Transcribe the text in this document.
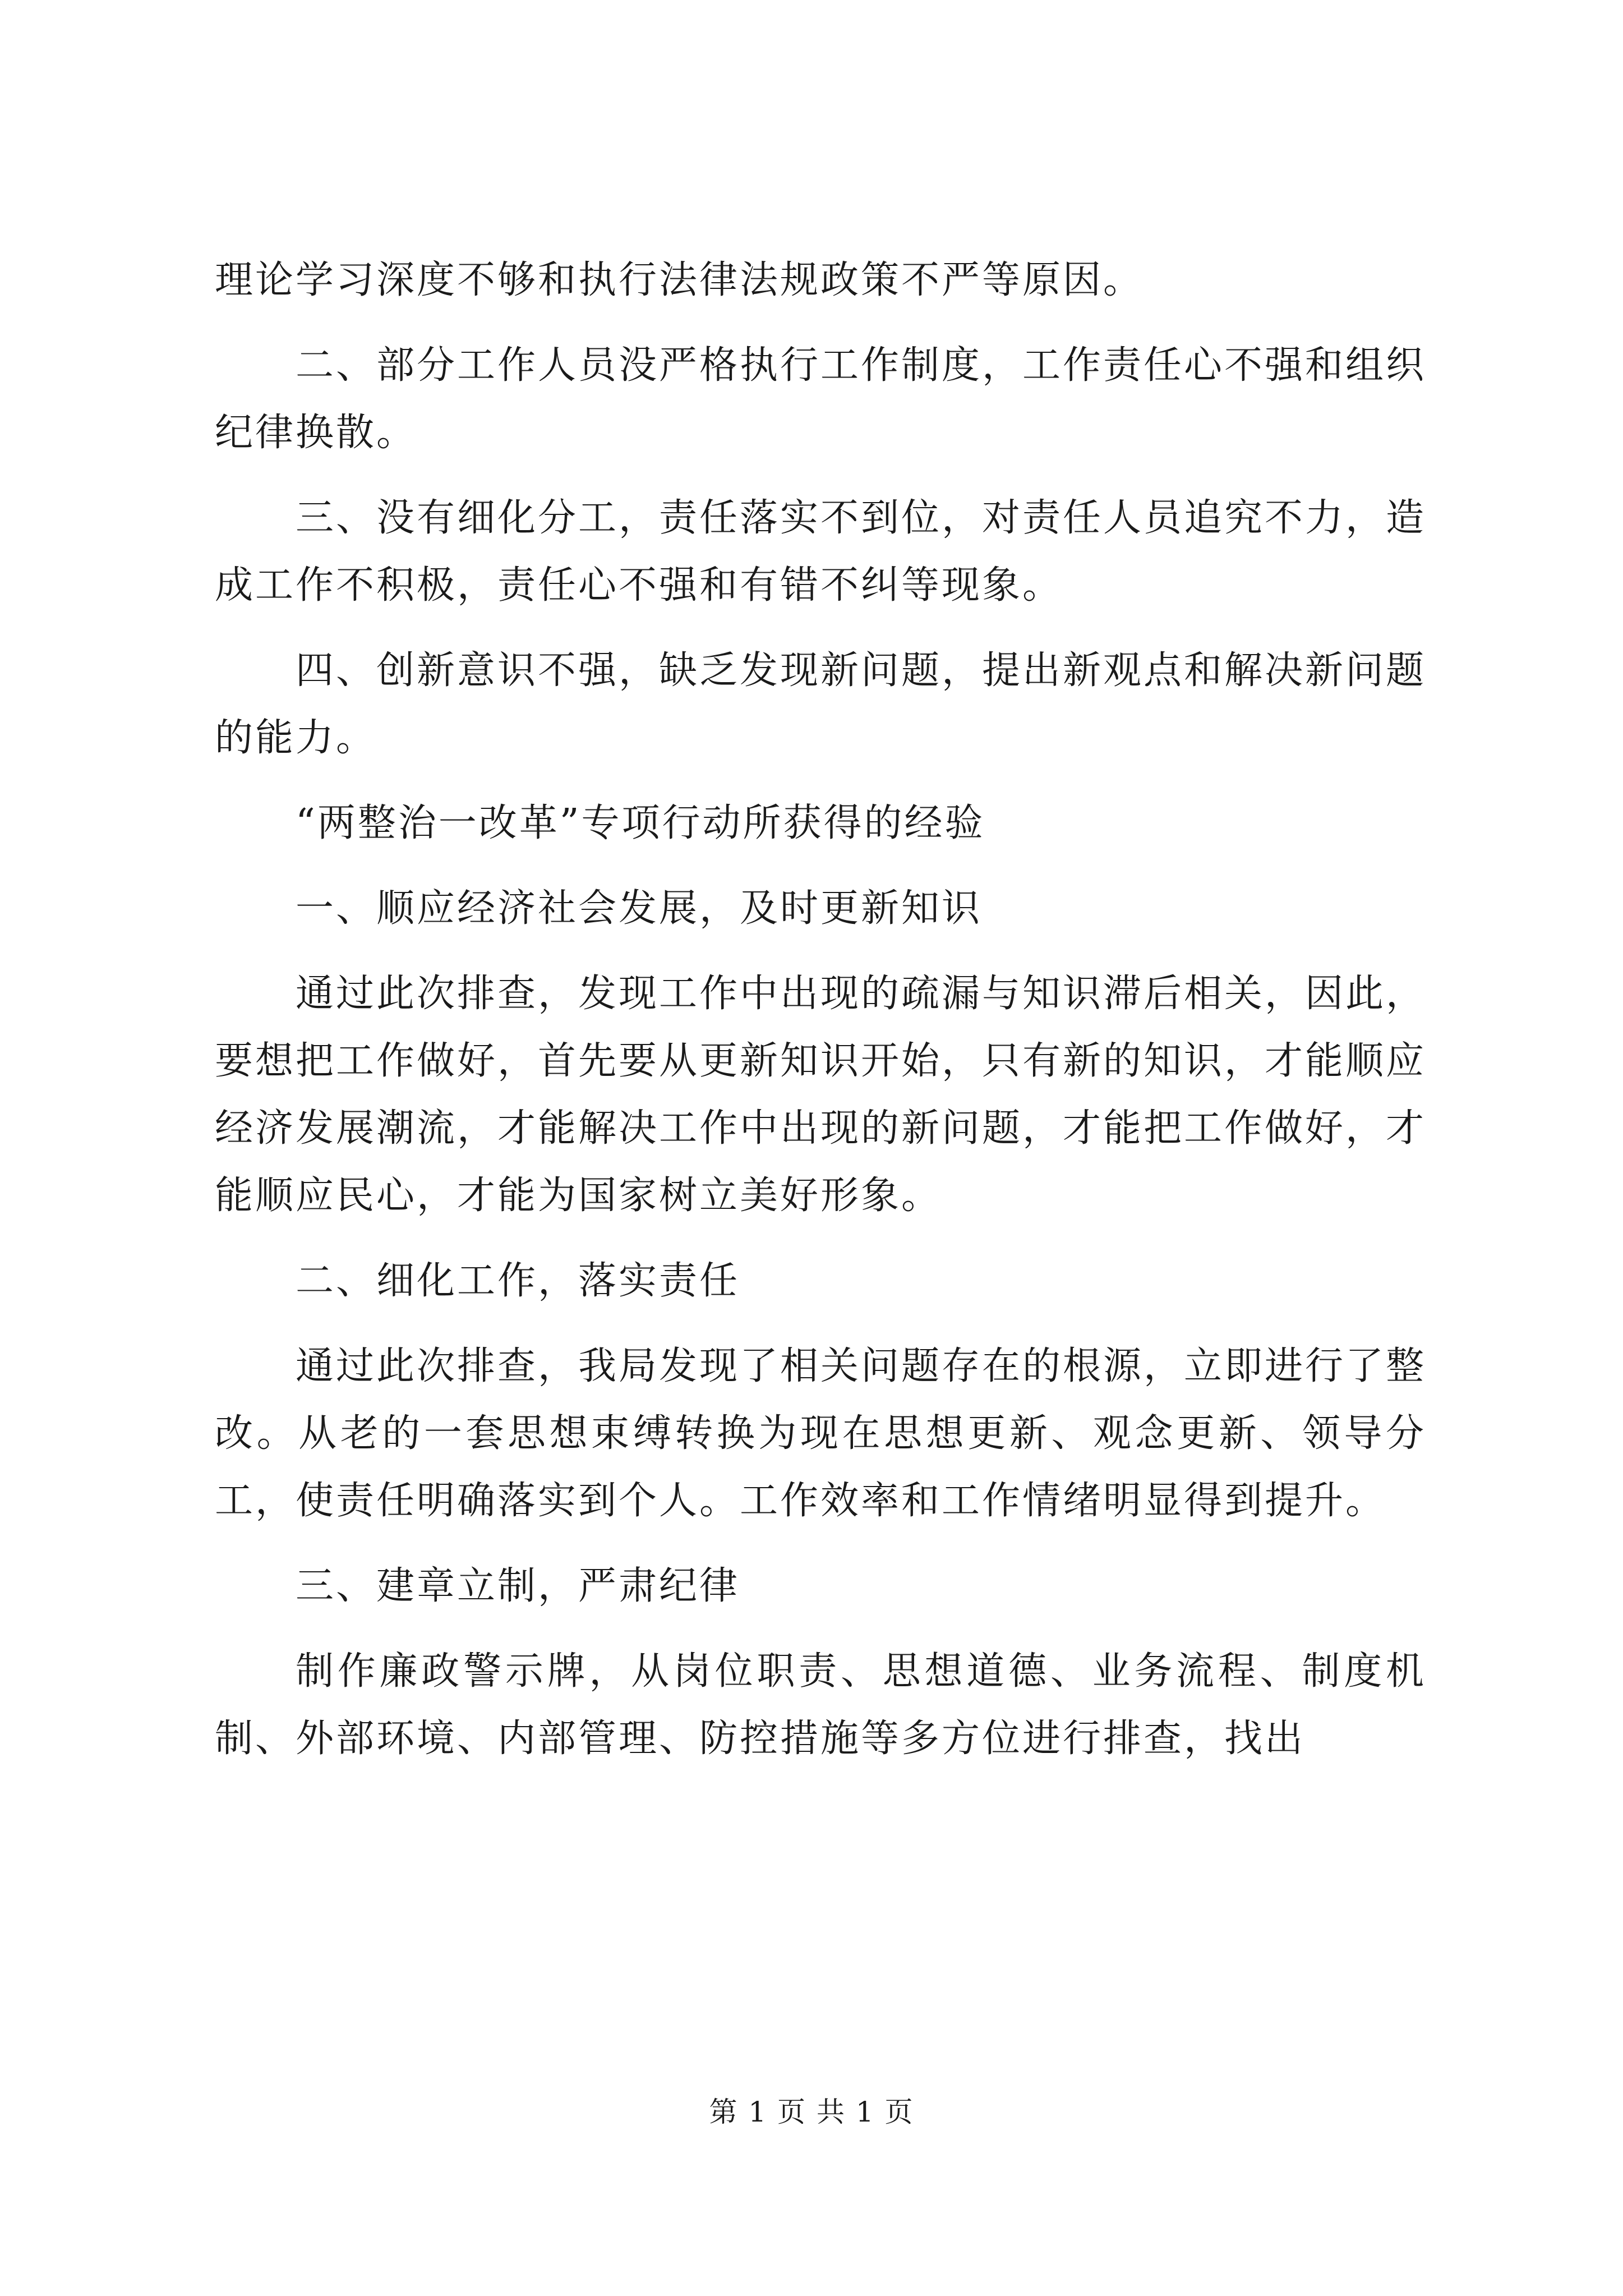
理论学习深度不够和执行法律法规政策不严等原因。

二、部分工作人员没严格执行工作制度，工作责任心不强和组织纪律换散。

三、没有细化分工，责任落实不到位，对责任人员追究不力，造成工作不积极，责任心不强和有错不纠等现象。

四、创新意识不强，缺乏发现新问题，提出新观点和解决新问题的能力。

“两整治一改革”专项行动所获得的经验

一、顺应经济社会发展，及时更新知识

通过此次排查，发现工作中出现的疏漏与知识滞后相关，因此，要想把工作做好，首先要从更新知识开始，只有新的知识，才能顺应经济发展潮流，才能解决工作中出现的新问题，才能把工作做好，才能顺应民心，才能为国家树立美好形象。

二、细化工作，落实责任

通过此次排查，我局发现了相关问题存在的根源，立即进行了整改。从老的一套思想束缚转换为现在思想更新、观念更新、领导分工，使责任明确落实到个人。工作效率和工作情绪明显得到提升。

三、建章立制，严肃纪律

制作廉政警示牌，从岗位职责、思想道德、业务流程、制度机制、外部环境、内部管理、防控措施等多方位进行排查，找出

第 1 页 共 1 页
